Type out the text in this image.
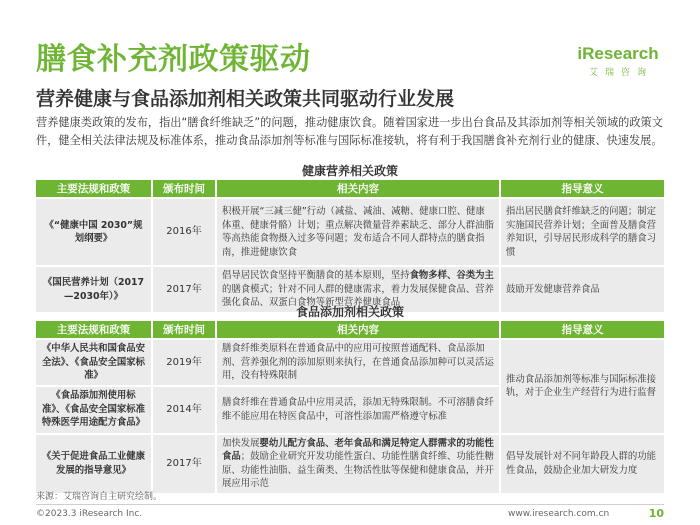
膳食补充剂政策驱动	iResearch
艾瑞咨询
营养健康与食品添加剂相关政策共同驱动行业发展

营养健康类政策的发布，指出“膳食纤维缺乏”的问题，推动健康饮食。随着国家进一步出台食品及其添加剂等相关领域的政策文件，健全相关法律法规及标准体系，推动食品添加剂等标准与国际标准接轨，将有利于我国膳食补充剂行业的健康、快速发展。

健康营养相关政策
主要法规和政策	颁布时间	相关内容	指导意义
《“健康中国 2030”规划纲要》	2016年	积极开展“三减三健”行动（减盐、减油、减糖、健康口腔、健康体重、健康骨骼）计划；重点解决微量营养素缺乏、部分人群油脂等高热能食物摄入过多等问题；发布适合不同人群特点的膳食指南，推进健康饮食	指出居民膳食纤维缺乏的问题；制定实施国民营养计划；全面普及膳食营养知识，引导居民形成科学的膳食习惯
《国民营养计划（2017—2030年）》	2017年	倡导居民饮食坚持平衡膳食的基本原则，坚持食物多样、谷类为主的膳食模式；针对不同人群的健康需求，着力发展保健食品、营养强化食品、双蛋白食物等新型营养健康食品	鼓励开发健康营养食品
食品添加剂相关政策
主要法规和政策	颁布时间	相关内容	指导意义
《中华人民共和国食品安全法》、《食品安全国家标准》	2019年	膳食纤维类原料在普通食品中的应用可按照普通配料、食品添加剂、营养强化剂的添加原则来执行，在普通食品添加种可以灵活运用，没有特殊限制	推动食品添加剂等标准与国际标准接轨，对于企业生产经营行为进行监督
《食品添加剂使用标准》、《食品安全国家标准特殊医学用途配方食品》	2014年	膳食纤维在普通食品中应用灵活，添加无特殊限制。不可溶膳食纤维不能应用在特医食品中，可溶性添加需严格遵守标准	
《关于促进食品工业健康发展的指导意见》	2017年	加快发展婴幼儿配方食品、老年食品和满足特定人群需求的功能性食品；鼓励企业研究开发功能性蛋白、功能性膳食纤维、功能性糖原、功能性油脂、益生菌类、生物活性肽等保健和健康食品，并开展应用示范	倡导发展针对不同年龄段人群的功能性食品，鼓励企业加大研发力度
来源：艾瑞咨询自主研究绘制。
©2023.3 iResearch Inc.	www.iresearch.com.cn	10
